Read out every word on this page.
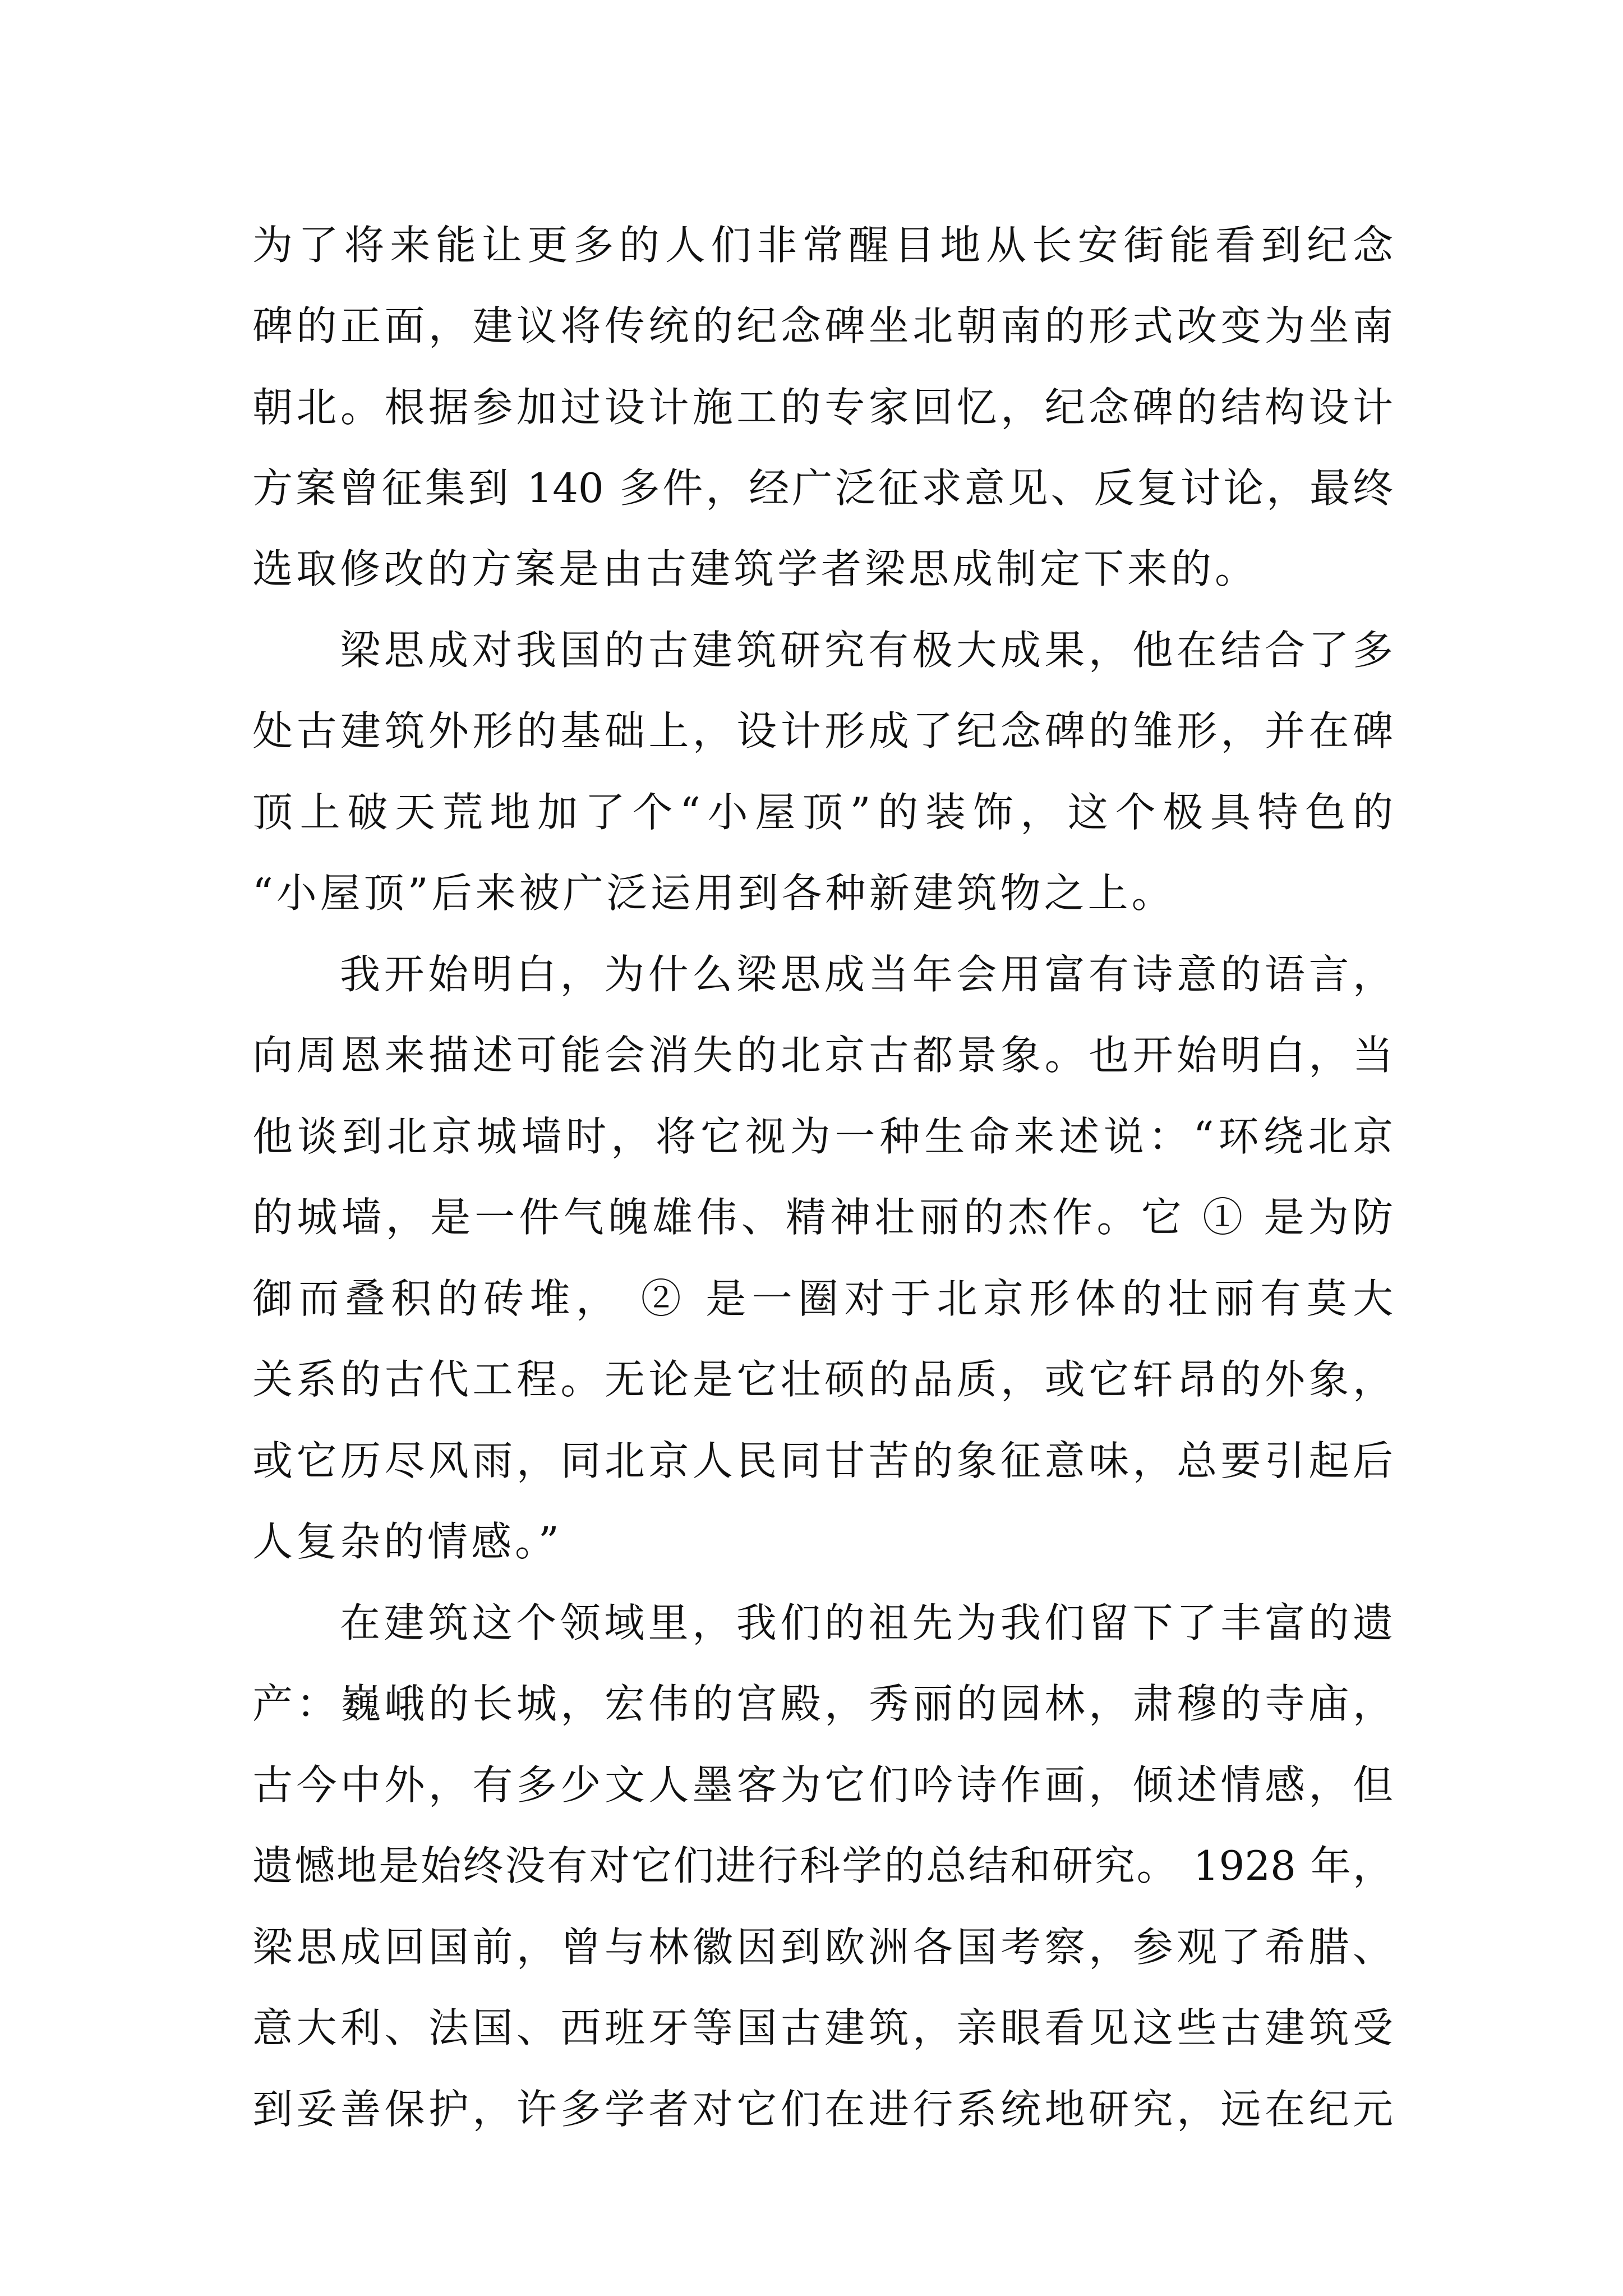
为了将来能让更多的人们非常醒目地从长安街能看到纪念
碑的正面，建议将传统的纪念碑坐北朝南的形式改变为坐南
朝北。根据参加过设计施工的专家回忆，纪念碑的结构设计
方案曾征集到 140 多件，经广泛征求意见、反复讨论，最终
选取修改的方案是由古建筑学者梁思成制定下来的。
梁思成对我国的古建筑研究有极大成果，他在结合了多
处古建筑外形的基础上，设计形成了纪念碑的雏形，并在碑
顶上破天荒地加了个“小屋顶”的装饰，这个极具特色的
“小屋顶”后来被广泛运用到各种新建筑物之上。
我开始明白，为什么梁思成当年会用富有诗意的语言，
向周恩来描述可能会消失的北京古都景象。也开始明白，当
他谈到北京城墙时，将它视为一种生命来述说：“环绕北京
的城墙，是一件气魄雄伟、精神壮丽的杰作。它 ① 是为防
御而叠积的砖堆， ② 是一圈对于北京形体的壮丽有莫大
关系的古代工程。无论是它壮硕的品质，或它轩昂的外象，
或它历尽风雨，同北京人民同甘苦的象征意味，总要引起后
人复杂的情感。”
在建筑这个领域里，我们的祖先为我们留下了丰富的遗
产：巍峨的长城，宏伟的宫殿，秀丽的园林，肃穆的寺庙，
古今中外，有多少文人墨客为它们吟诗作画，倾述情感，但
遗憾地是始终没有对它们进行科学的总结和研究。 1928 年，
梁思成回国前，曾与林徽因到欧洲各国考察，参观了希腊、
意大利、法国、西班牙等国古建筑，亲眼看见这些古建筑受
到妥善保护，许多学者对它们在进行系统地研究，远在纪元
